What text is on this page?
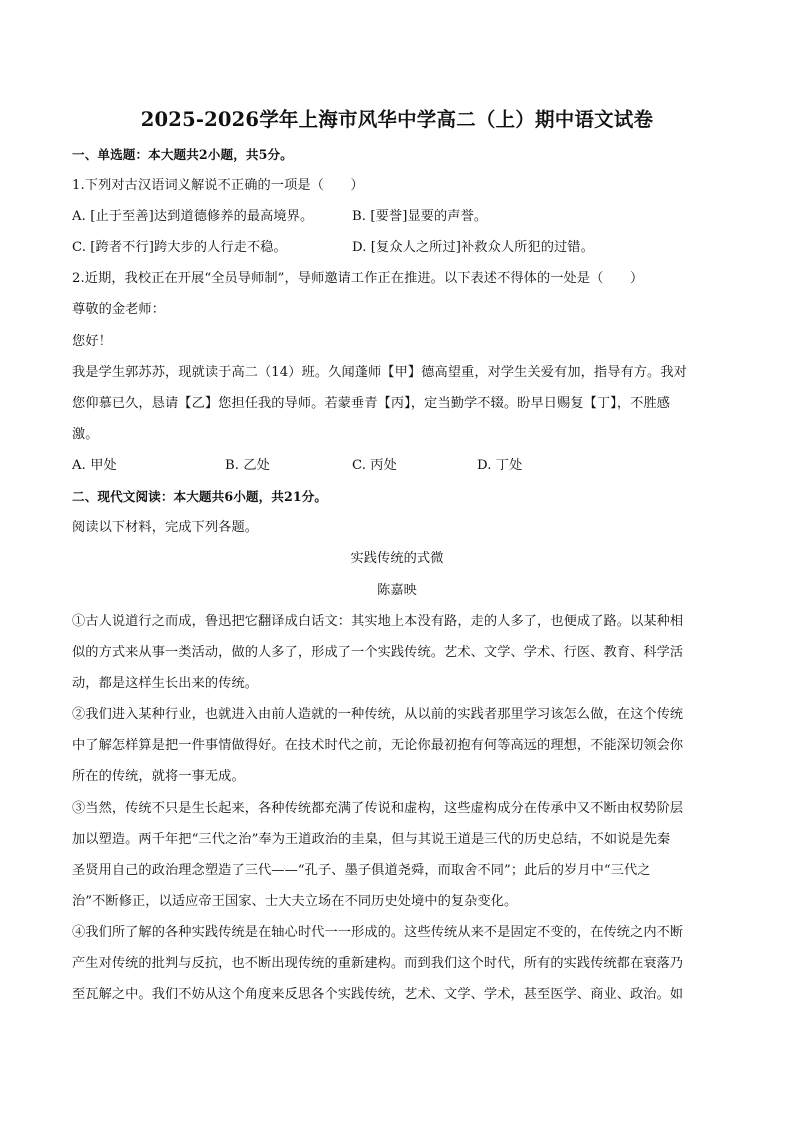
2025-2026学年上海市风华中学高二（上）期中语文试卷
一、单选题：本大题共2小题，共5分。
1.下列对古汉语词义解说不正确的一项是（　　）
A. [止于至善]达到道德修养的最高境界。	B. [要誉]显要的声誉。
C. [跨者不行]跨大步的人行走不稳。	D. [复众人之所过]补救众人所犯的过错。
2.近期，我校正在开展“全员导师制”，导师邀请工作正在推进。以下表述不得体的一处是（　　）
尊敬的金老师：
您好！
我是学生郭苏苏，现就读于高二（14）班。久闻蓬师【甲】德高望重，对学生关爱有加，指导有方。我对
您仰慕已久，恳请【乙】您担任我的导师。若蒙垂青【丙】，定当勤学不辍。盼早日赐复【丁】，不胜感
激。
A. 甲处	B. 乙处	C. 丙处	D. 丁处
二、现代文阅读：本大题共6小题，共21分。
阅读以下材料，完成下列各题。
实践传统的式微
陈嘉映
①古人说道行之而成，鲁迅把它翻译成白话文：其实地上本没有路，走的人多了，也便成了路。以某种相
似的方式来从事一类活动，做的人多了，形成了一个实践传统。艺术、文学、学术、行医、教育、科学活
动，都是这样生长出来的传统。
②我们进入某种行业，也就进入由前人造就的一种传统，从以前的实践者那里学习该怎么做，在这个传统
中了解怎样算是把一件事情做得好。在技术时代之前，无论你最初抱有何等高远的理想，不能深切领会你
所在的传统，就将一事无成。
③当然，传统不只是生长起来，各种传统都充满了传说和虚构，这些虚构成分在传承中又不断由权势阶层
加以塑造。两千年把“三代之治”奉为王道政治的圭臬，但与其说王道是三代的历史总结，不如说是先秦
圣贤用自己的政治理念塑造了三代——“孔子、墨子俱道尧舜，而取舍不同”；此后的岁月中“三代之
治”不断修正，以适应帝王国家、士大夫立场在不同历史处境中的复杂变化。
④我们所了解的各种实践传统是在轴心时代一一形成的。这些传统从来不是固定不变的，在传统之内不断
产生对传统的批判与反抗，也不断出现传统的重新建构。而到我们这个时代，所有的实践传统都在衰落乃
至瓦解之中。我们不妨从这个角度来反思各个实践传统，艺术、文学、学术，甚至医学、商业、政治。如
